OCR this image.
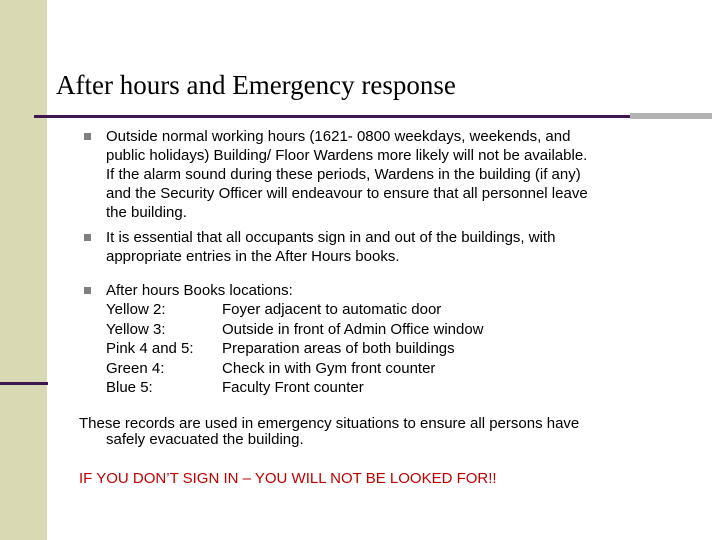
After hours and Emergency response
Outside normal working hours (1621- 0800 weekdays, weekends, and
public holidays) Building/ Floor Wardens more likely will not be available.
If the alarm sound during these periods, Wardens in the building (if any)
and the Security Officer will endeavour to ensure that all personnel leave
the building.
It is essential that all occupants sign in and out of the buildings, with
appropriate entries in the After Hours books.
After hours Books locations:
Yellow 2:	Foyer adjacent to automatic door
Yellow 3:	Outside in front of Admin Office window
Pink 4 and 5:	Preparation areas of both buildings
Green 4:	Check in with Gym front counter
Blue 5:	Faculty Front counter
These records are used in emergency situations to ensure all persons have
safely evacuated the building.
IF YOU DON’T SIGN IN – YOU WILL NOT BE LOOKED FOR!!
